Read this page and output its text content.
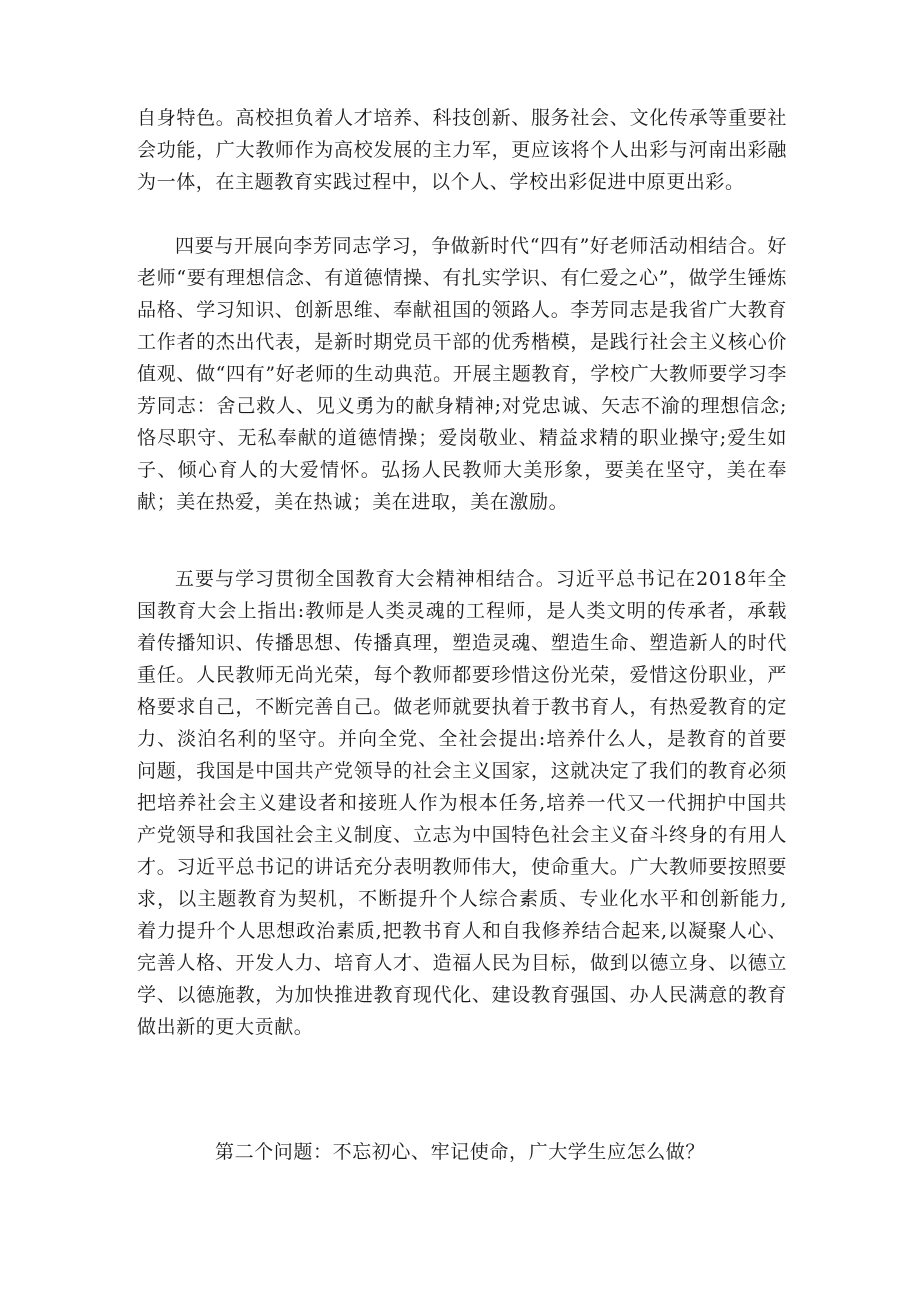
自身特色。高校担负着人才培养、科技创新、服务社会、文化传承等重要社会功能，广大教师作为高校发展的主力军，更应该将个人出彩与河南出彩融为一体，在主题教育实践过程中，以个人、学校出彩促进中原更出彩。

四要与开展向李芳同志学习，争做新时代“四有”好老师活动相结合。好老师“要有理想信念、有道德情操、有扎实学识、有仁爱之心”，做学生锤炼品格、学习知识、创新思维、奉献祖国的领路人。李芳同志是我省广大教育工作者的杰出代表，是新时期党员干部的优秀楷模，是践行社会主义核心价值观、做“四有”好老师的生动典范。开展主题教育，学校广大教师要学习李芳同志：舍己救人、见义勇为的献身精神;对党忠诚、矢志不渝的理想信念;恪尽职守、无私奉献的道德情操；爱岗敬业、精益求精的职业操守;爱生如子、倾心育人的大爱情怀。弘扬人民教师大美形象，要美在坚守，美在奉献；美在热爱，美在热诚；美在进取，美在激励。

五要与学习贯彻全国教育大会精神相结合。习近平总书记在2018年全国教育大会上指出:教师是人类灵魂的工程师，是人类文明的传承者，承载着传播知识、传播思想、传播真理，塑造灵魂、塑造生命、塑造新人的时代重任。人民教师无尚光荣，每个教师都要珍惜这份光荣，爱惜这份职业，严格要求自己，不断完善自己。做老师就要执着于教书育人，有热爱教育的定力、淡泊名利的坚守。并向全党、全社会提出:培养什么人，是教育的首要问题，我国是中国共产党领导的社会主义国家，这就决定了我们的教育必须把培养社会主义建设者和接班人作为根本任务,培养一代又一代拥护中国共产党领导和我国社会主义制度、立志为中国特色社会主义奋斗终身的有用人才。习近平总书记的讲话充分表明教师伟大，使命重大。广大教师要按照要求，以主题教育为契机，不断提升个人综合素质、专业化水平和创新能力,着力提升个人思想政治素质,把教书育人和自我修养结合起来,以凝聚人心、完善人格、开发人力、培育人才、造福人民为目标，做到以德立身、以德立学、以德施教，为加快推进教育现代化、建设教育强国、办人民满意的教育做出新的更大贡献。

第二个问题：不忘初心、牢记使命，广大学生应怎么做？
